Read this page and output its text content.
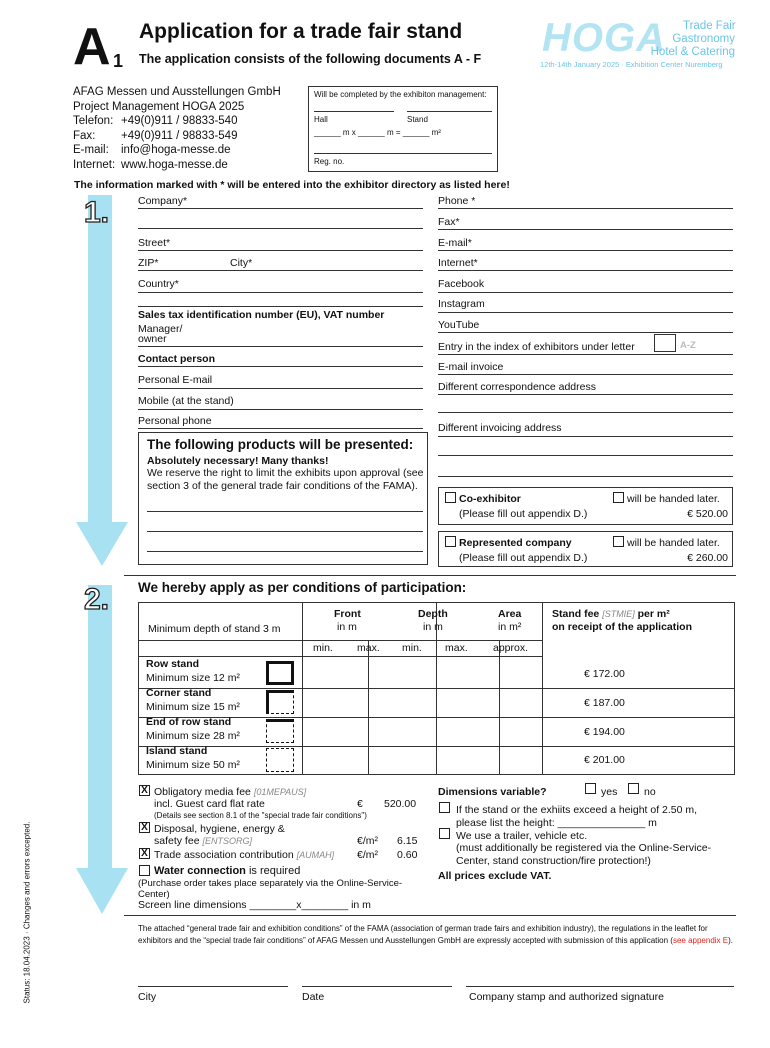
A 1
Application for a trade fair stand
The application consists of the following documents A - F HOGA Trade Fair
Gastronomy
Hotel & Catering
12th-14th January 2025 · Exhibition Center Nuremberg
AFAG Messen und Ausstellungen GmbH
Project Management HOGA 2025
Telefon: +49(0)911 / 98833-540
Fax: +49(0)911 / 98833-549
E-mail: info@hoga-messe.de
Internet: www.hoga-messe.de
Will be completed by the exhibiton management:
Hall	Stand
______ m x ______ m = ______ m²
Reg. no.
The information marked with * will be entered into the exhibitor directory as listed here!
1.	Company*
Street*
ZIP*	City*
Country*
Sales tax identification number (EU), VAT number
Manager/
owner
Contact person
Personal E-mail
Mobile (at the stand)
Personal phone
Phone *
Fax*
E-mail*
Internet*
Facebook
Instagram
YouTube
Entry in the index of exhibitors under letter	A-Z
E-mail invoice
Different correspondence address
Different invoicing address
The following products will be presented:
Absolutely necessary! Many thanks!
We reserve the right to limit the exhibits upon approval (see section 3 of the general trade fair conditions of the FAMA).
Co-exhibitor
(Please fill out appendix D.)
will be handed later.
€ 520.00
Represented company
(Please fill out appendix D.)
will be handed later.
€ 260.00
2. We hereby apply as per conditions of participation:
Minimum depth of stand 3 m
Front
in m
Depth
in m
Area
in m²
Stand fee [STMIE] per m²
on receipt of the application
min. max. min. max. approx.
Row stand
Minimum size 12 m²	€ 172.00
Corner stand
Minimum size 15 m²	€ 187.00
End of row stand
Minimum size 28 m²	€ 194.00
Island stand
Minimum size 50 m²	€ 201.00
X Obligatory media fee [01MEPAUS]
incl. Guest card flat rate	€ 520.00
(Details see section 8.1 of the "special trade fair conditions")
X Disposal, hygiene, energy &
safety fee [ENTSORG]	€/m² 6.15
X Trade association contribution [AUMAH] €/m² 0.60
Water connection is required
(Purchase order takes place separately via the Online-Service-Center)
Screen line dimensions ________x________ in m
Dimensions variable?	yes	no
If the stand or the exhiits exceed a height of 2.50 m, please list the height: _______________ m
We use a trailer, vehicle etc.
(must additionally be registered via the Online-Service-Center, stand construction/fire protection!)
All prices exclude VAT.
The attached “general trade fair and exhibition conditions” of the FAMA (association of german trade fairs and exhibition industry), the regulations in the leaflet for exhibitors and the “special trade fair conditions” of AFAG Messen und Ausstellungen GmbH are expressly accepted with submission of this application (see appendix E).
City	Date	Company stamp and authorized signature
Status: 18.04.2023 · Changes and errors excepted.
